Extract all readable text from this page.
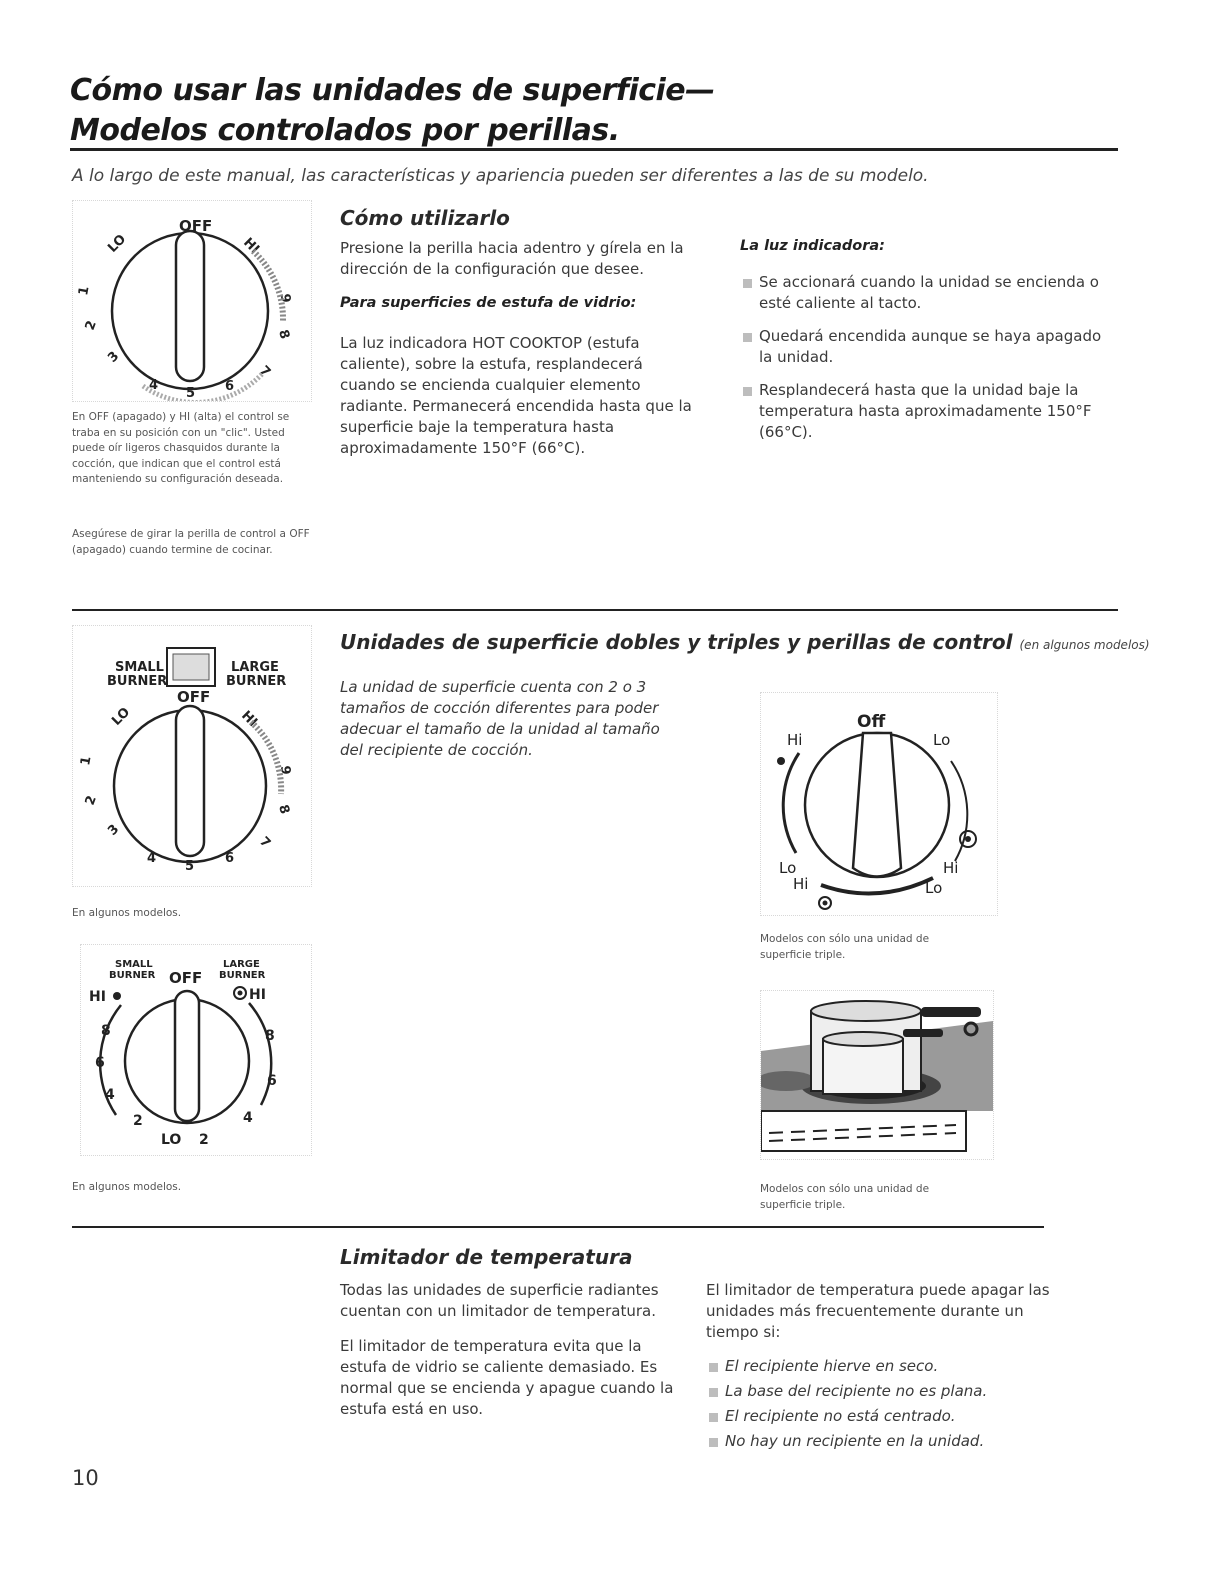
Cómo usar las unidades de superficie—
Modelos controlados por perillas.
A lo largo de este manual, las características y apariencia pueden ser diferentes a las de su modelo.
OFF
LO	HI
1
2
3
4
5 6
7
8
9
En OFF (apagado) y HI (alta) el control se traba en su posición con un "clic". Usted puede oír ligeros chasquidos durante la cocción, que indican que el control está manteniendo su configuración deseada.
Asegúrese de girar la perilla de control a OFF (apagado) cuando termine de cocinar.
Cómo utilizarlo

Presione la perilla hacia adentro y gírela en la dirección de la configuración que desee.

Para superficies de estufa de vidrio:

La luz indicadora HOT COOKTOP (estufa caliente), sobre la estufa, resplandecerá cuando se encienda cualquier elemento radiante. Permanecerá encendida hasta que la superficie baje la temperatura hasta aproximadamente 150°F (66°C).

La luz indicadora:
Se accionará cuando la unidad se encienda o esté caliente al tacto.
Quedará encendida aunque se haya apagado la unidad.
Resplandecerá hasta que la unidad baje la temperatura hasta aproximadamente 150°F (66°C).
SMALL
BURNER
LARGE
BURNER
OFF
LO	HI
1
2
3
4
5
6
7
8
9
En algunos modelos.
SMALL
BURNER OFF
LARGE
BURNER
HI	HI
8
6
4
2
8
6
4
2
LO
En algunos modelos.
Unidades de superficie dobles y triples y perillas de control (en algunos modelos)

La unidad de superficie cuenta con 2 o 3 tamaños de cocción diferentes para poder adecuar el tamaño de la unidad al tamaño del recipiente de cocción.

Off
Hi	Lo
Lo
Hi
Hi
Lo
Modelos con sólo una unidad de superficie triple.
Modelos con sólo una unidad de superficie triple.
Limitador de temperatura

Todas las unidades de superficie radiantes cuentan con un limitador de temperatura.

El limitador de temperatura evita que la estufa de vidrio se caliente demasiado. Es normal que se encienda y apague cuando la estufa está en uso.

El limitador de temperatura puede apagar las unidades más frecuentemente durante un tiempo si:

El recipiente hierve en seco.
La base del recipiente no es plana.
El recipiente no está centrado.
No hay un recipiente en la unidad.
10
